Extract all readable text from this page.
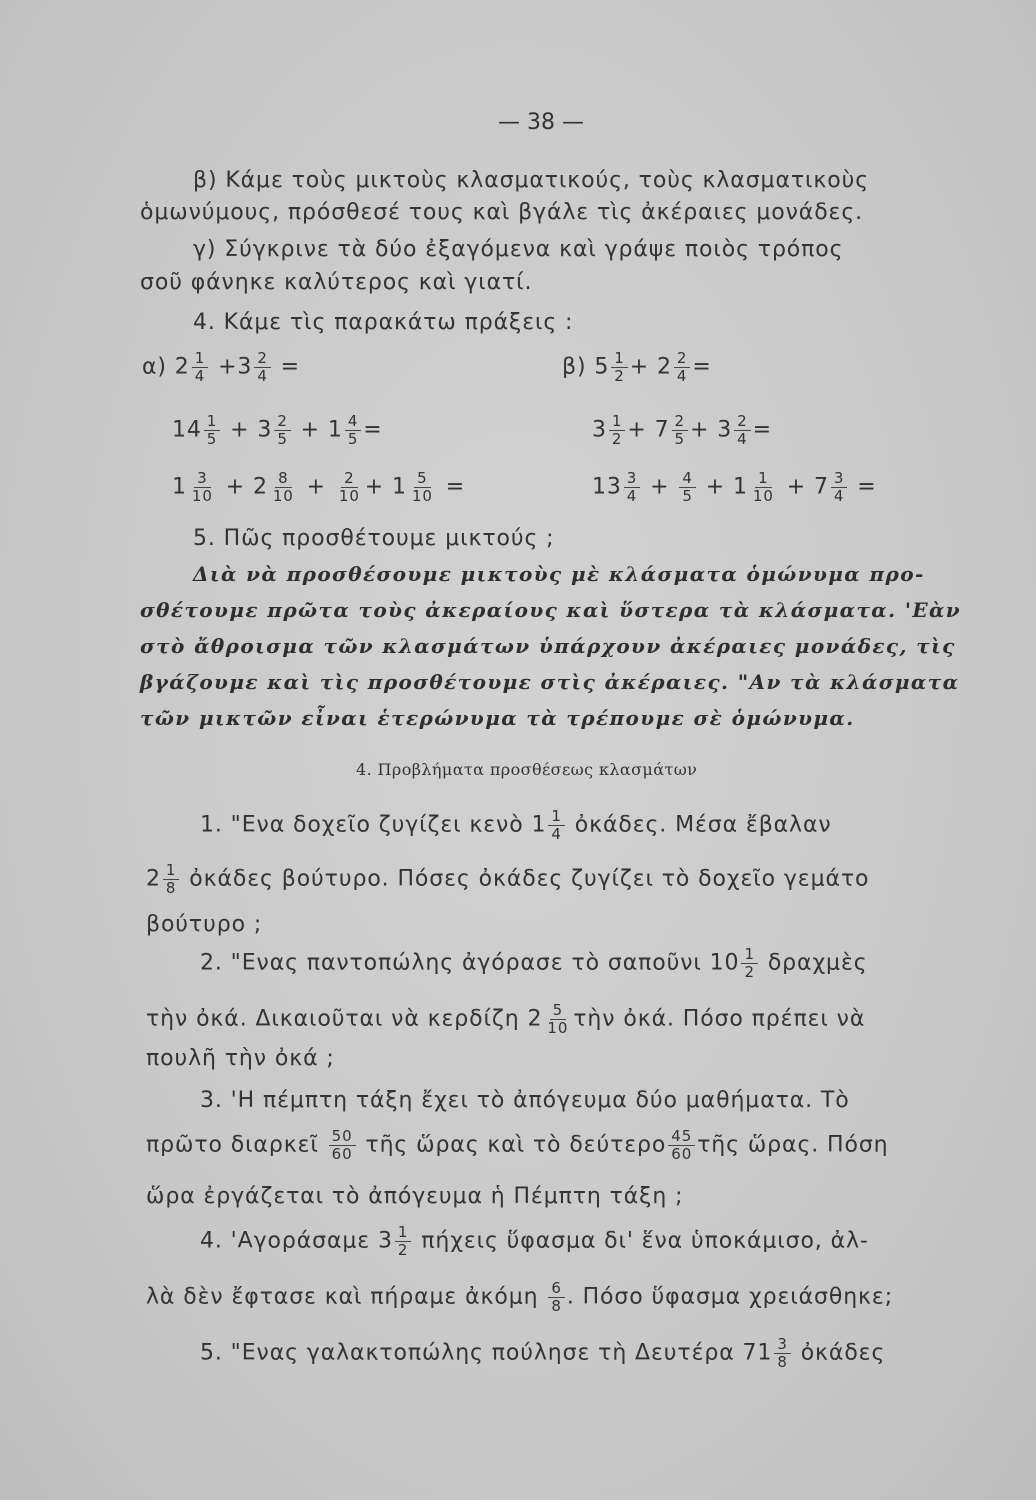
— 38 —
β) Κάμε τοὺς μικτοὺς κλασματικούς, τοὺς κλασματικοὺς
ὁμωνύμους, πρόσθεσέ τους καὶ βγάλε τὶς ἀκέραιες μονάδες.
γ) Σύγκρινε τὰ δύο ἐξαγόμενα καὶ γράψε ποιὸς τρόπος
σοῦ φάνηκε καλύτερος καὶ γιατί.
4. Κάμε τὶς παρακάτω πράξεις :
α) $2 \frac{1}{4} +3 \frac{2}{4}$ =	β) $5 \frac{1}{2} + 2 \frac{2}{4}$ =
$14 \frac{1}{5} + 3 \frac{2}{5} + 1 \frac{4}{5}$ =	$3 \frac{1}{2} + 7 \frac{2}{5} + 3 \frac{2}{4}$ =
$1 \frac{3}{10} + 2 \frac{8}{10} + \frac{2}{10} + 1 \frac{5}{10}$ =	$13 \frac{3}{4} + \frac{4}{5} + 1 \frac{1}{10} + 7 \frac{3}{4}$ =
5. Πῶς προσθέτουμε μικτούς ;
Διὰ νὰ προσθέσουμε μικτοὺς μὲ κλάσματα ὁμώνυμα προ-
σθέτουμε πρῶτα τοὺς ἀκεραίους καὶ ὕστερα τὰ κλάσματα. 'Εὰν
στὸ ἄθροισμα τῶν κλασμάτων ὑπάρχουν ἀκέραιες μονάδες, τὶς
βγάζουμε καὶ τὶς προσθέτουμε στὶς ἀκέραιες. "Αν τὰ κλάσματα
τῶν μικτῶν εἶναι ἑτερώνυμα τὰ τρέπουμε σὲ ὁμώνυμα.
4. Προβλήματα προσθέσεως κλασμάτων
1. "Ενα δοχεῖο ζυγίζει κενὸ $1 \frac{1}{4}$ ὀκάδες. Μέσα ἔβαλαν
$2 \frac{1}{8}$ ὀκάδες βούτυρο. Πόσες ὀκάδες ζυγίζει τὸ δοχεῖο γεμάτο
βούτυρο ;
2. "Ενας παντοπώλης ἀγόρασε τὸ σαποῦνι $10 \frac{1}{2}$ δραχμὲς
τὴν ὀκά. Δικαιοῦται νὰ κερδίζη $2 \frac{5}{10}$ τὴν ὀκά. Πόσο πρέπει νὰ
πουλῆ τὴν ὀκά ;
3. 'Η πέμπτη τάξη ἔχει τὸ ἀπόγευμα δύο μαθήματα. Τὸ
πρῶτο διαρκεῖ $\frac{50}{60}$ τῆς ὥρας καὶ τὸ δεύτερο $\frac{45}{60}$ τῆς ὥρας. Πόση
ὥρα ἐργάζεται τὸ ἀπόγευμα ἡ Πέμπτη τάξη ;
4. 'Αγοράσαμε $3 \frac{1}{2}$ πήχεις ὕφασμα δι' ἕνα ὑποκάμισο, ἀλ-
λὰ δὲν ἔφτασε καὶ πήραμε ἀκόμη $\frac{6}{8}$ . Πόσο ὕφασμα χρειάσθηκε;
5. "Ενας γαλακτοπώλης πούλησε τὴ Δευτέρα $71 \frac{3}{8}$ ὀκάδες
